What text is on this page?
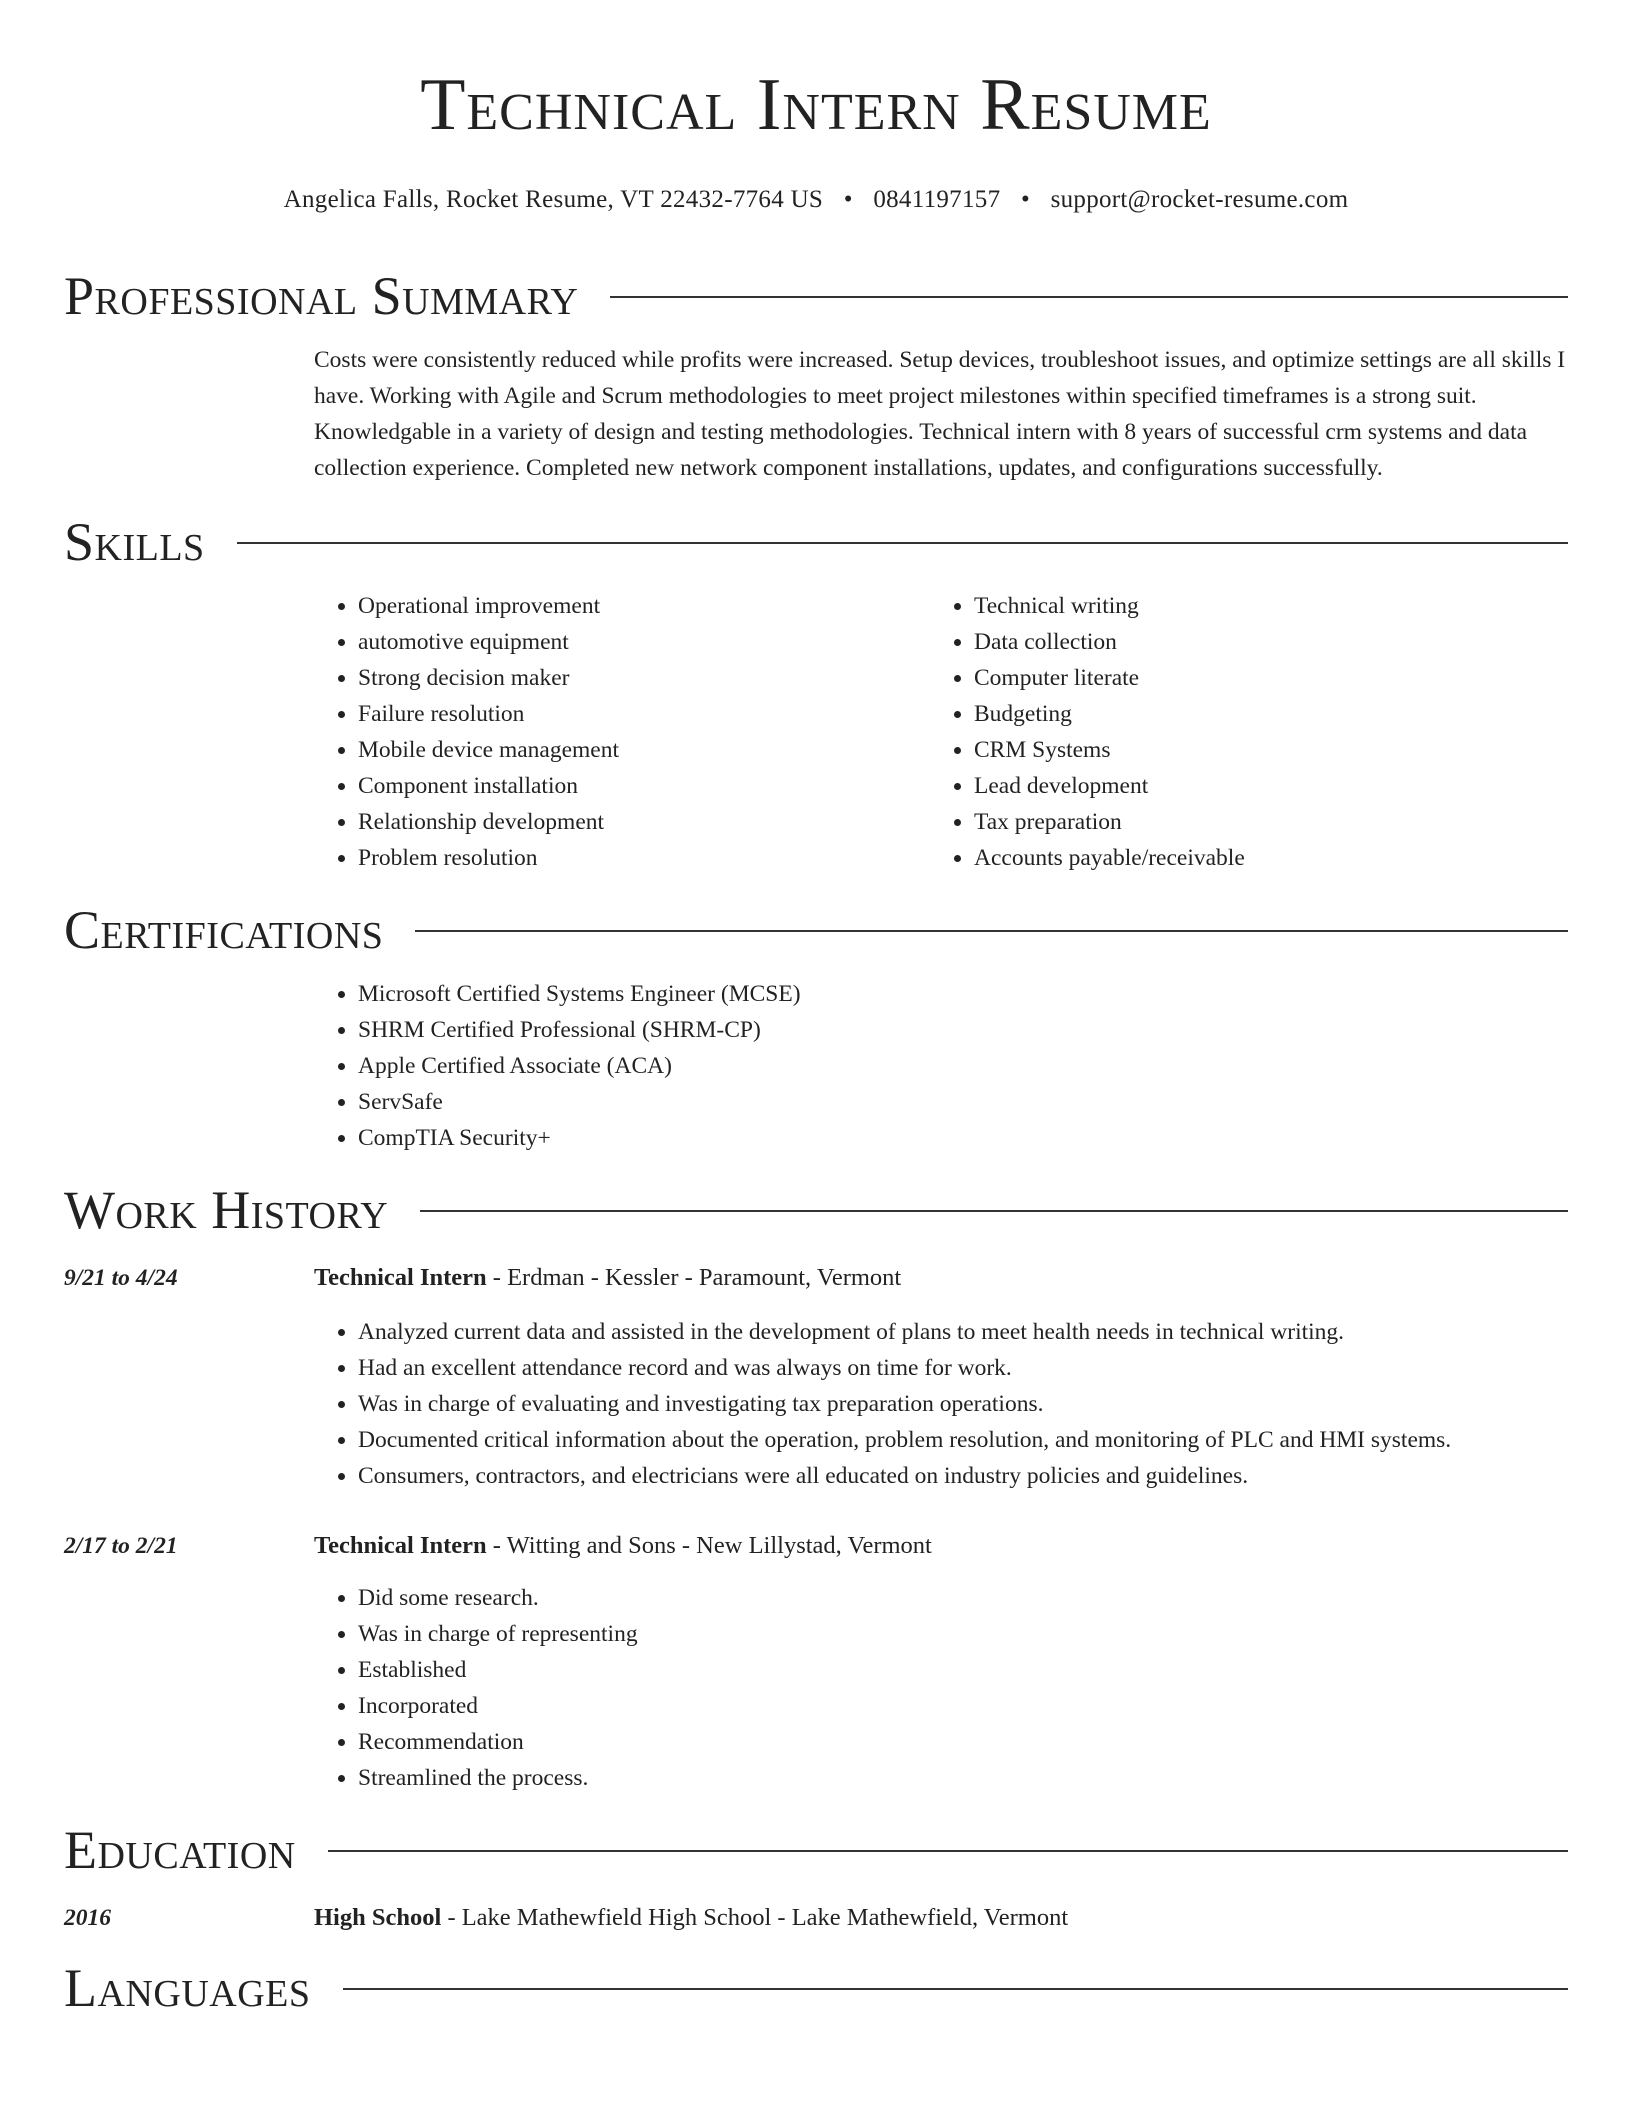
Technical Intern Resume
Angelica Falls, Rocket Resume, VT 22432-7764 US • 0841197157 • support@rocket-resume.com
Professional Summary

Costs were consistently reduced while profits were increased. Setup devices, troubleshoot issues, and optimize settings are all skills I have. Working with Agile and Scrum methodologies to meet project milestones within specified timeframes is a strong suit. Knowledgable in a variety of design and testing methodologies. Technical intern with 8 years of successful crm systems and data collection experience. Completed new network component installations, updates, and configurations successfully.

Skills
• Operational improvement
• automotive equipment
• Strong decision maker
• Failure resolution
• Mobile device management
• Component installation
• Relationship development
• Problem resolution
• Technical writing
• Data collection
• Computer literate
• Budgeting
• CRM Systems
• Lead development
• Tax preparation
• Accounts payable/receivable
Certifications
• Microsoft Certified Systems Engineer (MCSE)
• SHRM Certified Professional (SHRM-CP)
• Apple Certified Associate (ACA)
• ServSafe
• CompTIA Security+
Work History
9/21 to 4/24	Technical Intern - Erdman - Kessler - Paramount, Vermont
• Analyzed current data and assisted in the development of plans to meet health needs in technical writing.
• Had an excellent attendance record and was always on time for work.
• Was in charge of evaluating and investigating tax preparation operations.
• Documented critical information about the operation, problem resolution, and monitoring of PLC and HMI systems.
• Consumers, contractors, and electricians were all educated on industry policies and guidelines.
2/17 to 2/21	Technical Intern - Witting and Sons - New Lillystad, Vermont
• Did some research.
• Was in charge of representing
• Established
• Incorporated
• Recommendation
• Streamlined the process.
Education
2016	High School - Lake Mathewfield High School - Lake Mathewfield, Vermont
Languages
